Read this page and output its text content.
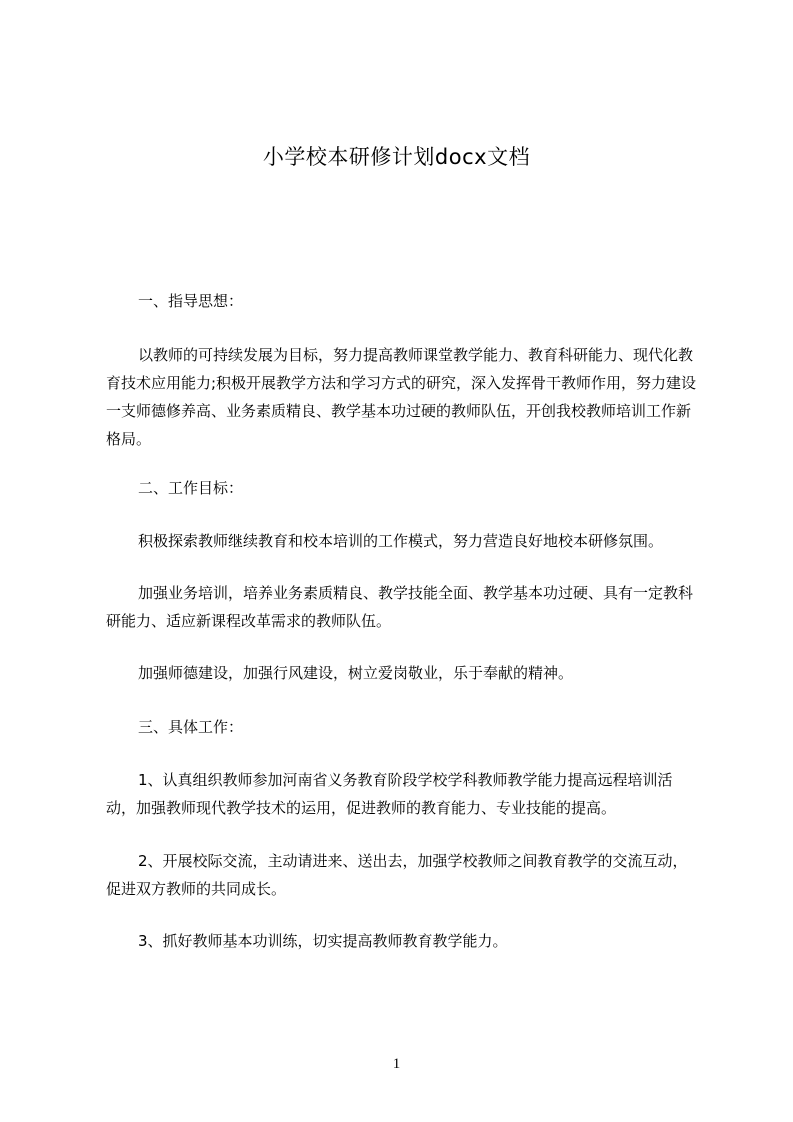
小学校本研修计划docx文档

一、指导思想：

以教师的可持续发展为目标，努力提高教师课堂教学能力、教育科研能力、现代化教育技术应用能力;积极开展教学方法和学习方式的研究，深入发挥骨干教师作用，努力建设一支师德修养高、业务素质精良、教学基本功过硬的教师队伍，开创我校教师培训工作新格局。

二、工作目标：

积极探索教师继续教育和校本培训的工作模式，努力营造良好地校本研修氛围。

加强业务培训，培养业务素质精良、教学技能全面、教学基本功过硬、具有一定教科研能力、适应新课程改革需求的教师队伍。

加强师德建设，加强行风建设，树立爱岗敬业，乐于奉献的精神。

三、具体工作：

1、认真组织教师参加河南省义务教育阶段学校学科教师教学能力提高远程培训活动，加强教师现代教学技术的运用，促进教师的教育能力、专业技能的提高。

2、开展校际交流，主动请进来、送出去，加强学校教师之间教育教学的交流互动，促进双方教师的共同成长。

3、抓好教师基本功训练，切实提高教师教育教学能力。

1
